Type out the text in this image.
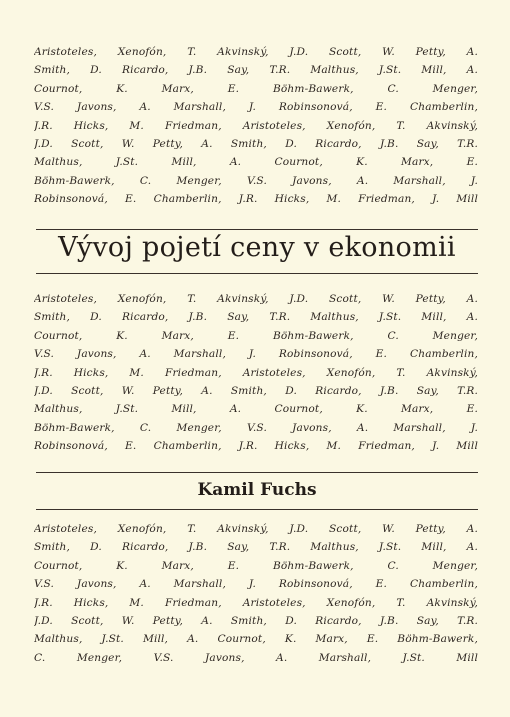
Aristoteles, Xenofón, T. Akvinský, J.D. Scott, W. Petty, A.
Smith, D. Ricardo, J.B. Say, T.R. Malthus, J.St. Mill, A.
Cournot, K. Marx, E. Böhm-Bawerk, C. Menger,
V.S. Javons, A. Marshall, J. Robinsonová, E. Chamberlin,
J.R. Hicks, M. Friedman, Aristoteles, Xenofón, T. Akvinský,
J.D. Scott, W. Petty, A. Smith, D. Ricardo, J.B. Say, T.R.
Malthus, J.St. Mill, A. Cournot, K. Marx, E.
Böhm-Bawerk, C. Menger, V.S. Javons, A. Marshall, J.
Robinsonová, E. Chamberlin, J.R. Hicks, M. Friedman, J. Mill
Vývoj pojetí ceny v ekonomii
Aristoteles, Xenofón, T. Akvinský, J.D. Scott, W. Petty, A.
Smith, D. Ricardo, J.B. Say, T.R. Malthus, J.St. Mill, A.
Cournot, K. Marx, E. Böhm-Bawerk, C. Menger,
V.S. Javons, A. Marshall, J. Robinsonová, E. Chamberlin,
J.R. Hicks, M. Friedman, Aristoteles, Xenofón, T. Akvinský,
J.D. Scott, W. Petty, A. Smith, D. Ricardo, J.B. Say, T.R.
Malthus, J.St. Mill, A. Cournot, K. Marx, E.
Böhm-Bawerk, C. Menger, V.S. Javons, A. Marshall, J.
Robinsonová, E. Chamberlin, J.R. Hicks, M. Friedman, J. Mill
Kamil Fuchs
Aristoteles, Xenofón, T. Akvinský, J.D. Scott, W. Petty, A.
Smith, D. Ricardo, J.B. Say, T.R. Malthus, J.St. Mill, A.
Cournot, K. Marx, E. Böhm-Bawerk, C. Menger,
V.S. Javons, A. Marshall, J. Robinsonová, E. Chamberlin,
J.R. Hicks, M. Friedman, Aristoteles, Xenofón, T. Akvinský,
J.D. Scott, W. Petty, A. Smith, D. Ricardo, J.B. Say, T.R.
Malthus, J.St. Mill, A. Cournot, K. Marx, E. Böhm-Bawerk,
C. Menger, V.S. Javons, A. Marshall, J.St. Mill
